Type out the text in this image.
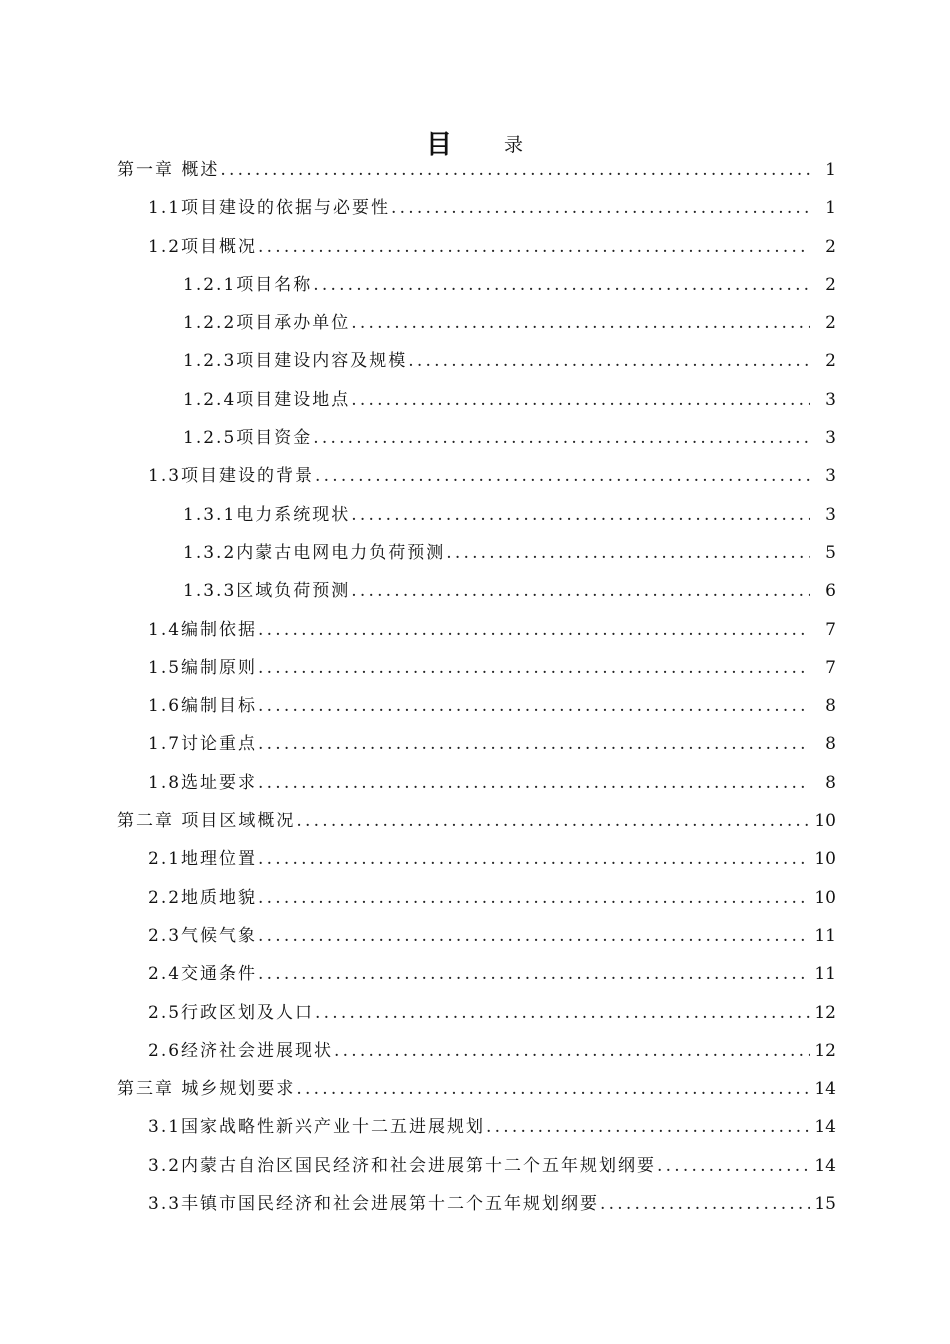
目	录
第一章 概述 .....	1
1.1项目建设的依据与必要性 .....	1
1.2项目概况 .....	2
1.2.1项目名称 .....	2
1.2.2项目承办单位 .....	2
1.2.3项目建设内容及规模 .....	2
1.2.4项目建设地点 .....	3
1.2.5项目资金 .....	3
1.3项目建设的背景 .....	3
1.3.1电力系统现状 .....	3
1.3.2内蒙古电网电力负荷预测 .....	5
1.3.3区域负荷预测 .....	6
1.4编制依据 .....	7
1.5编制原则 .....	7
1.6编制目标 .....	8
1.7讨论重点 .....	8
1.8选址要求 .....	8
第二章 项目区域概况 .....	10
2.1地理位置 .....	10
2.2地质地貌 .....	10
2.3气候气象 .....	11
2.4交通条件 .....	11
2.5行政区划及人口 .....	12
2.6经济社会进展现状 .....	12
第三章 城乡规划要求 .....	14
3.1国家战略性新兴产业十二五进展规划 .....	14
3.2内蒙古自治区国民经济和社会进展第十二个五年规划纲要 .....	14
3.3丰镇市国民经济和社会进展第十二个五年规划纲要 .....	15
